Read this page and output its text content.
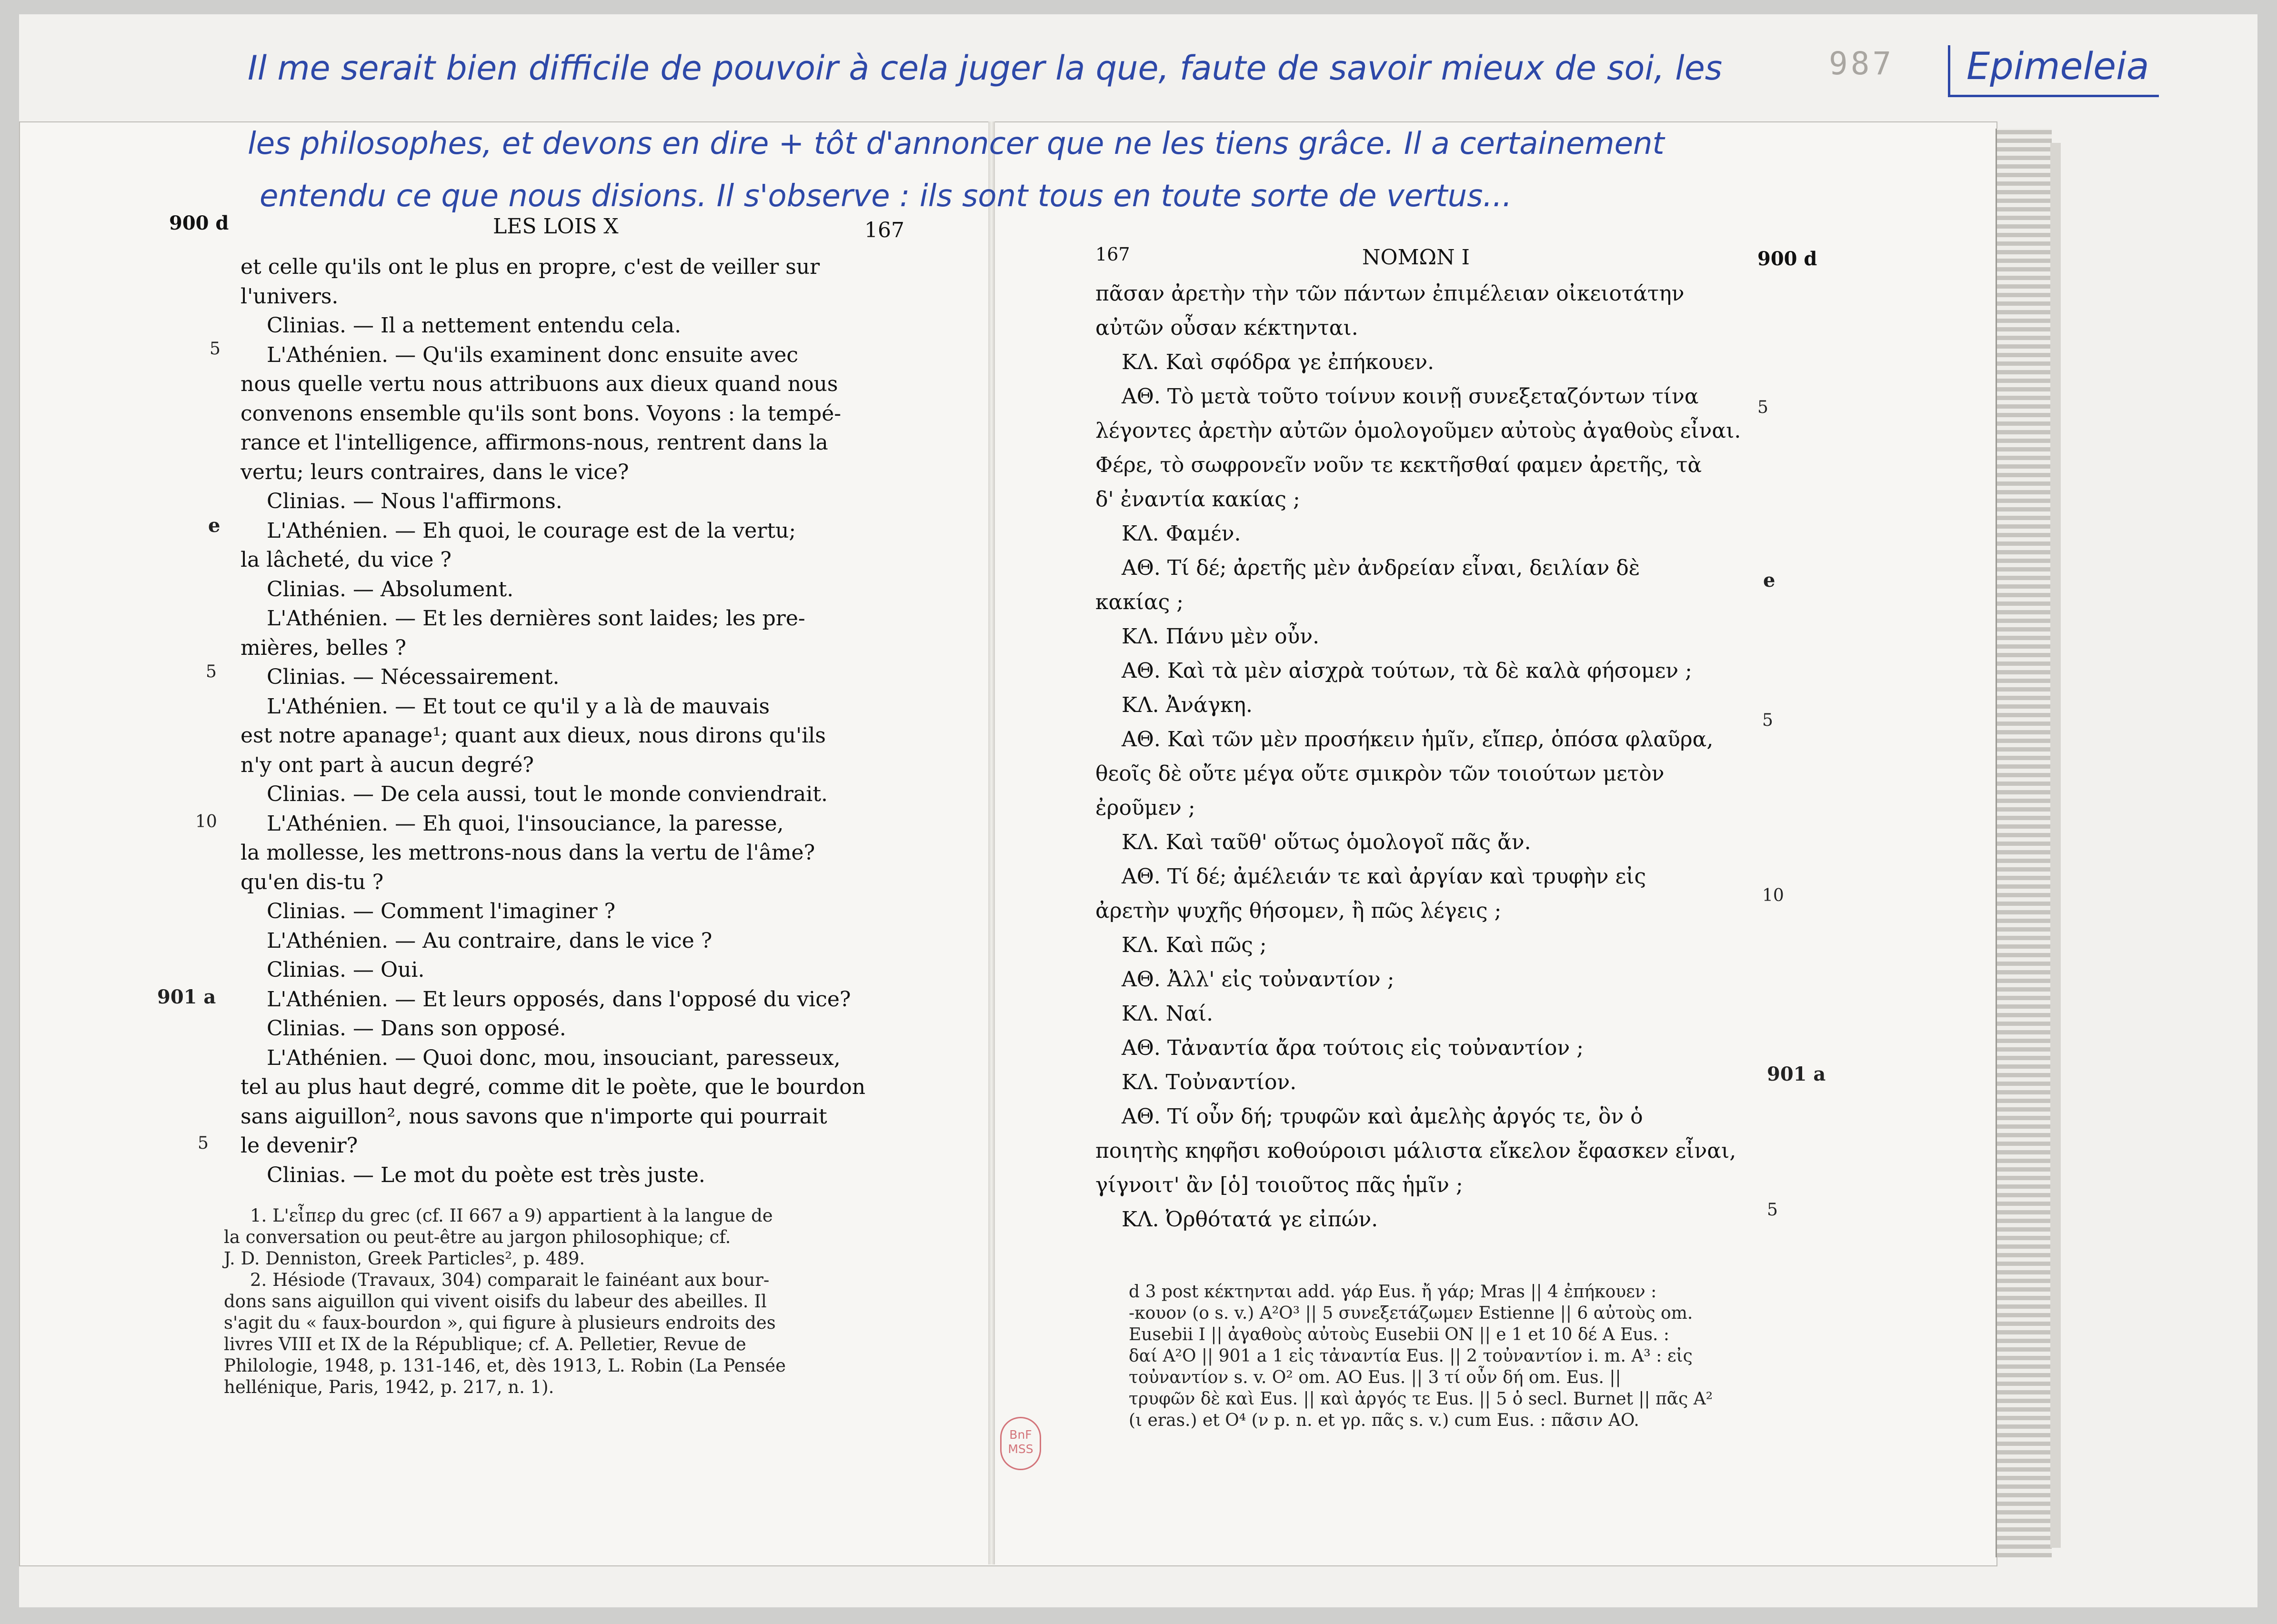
Il me serait bien difficile de pouvoir à cela juger la que, faute de savoir mieux de soi, les
les philosophes, et devons en dire + tôt d'annoncer que ne les tiens grâce. Il a certainement
entendu ce que nous disions. Il s'observe : ils sont tous en toute sorte de vertus...
987	Epimeleia
900 d	LES LOIS X	167

et celle qu'ils ont le plus en propre, c'est de veiller sur

l'univers.

Clinias. — Il a nettement entendu cela.

L'Athénien. — Qu'ils examinent donc ensuite avec

nous quelle vertu nous attribuons aux dieux quand nous

convenons ensemble qu'ils sont bons. Voyons : la tempé-

rance et l'intelligence, affirmons-nous, rentrent dans la

vertu; leurs contraires, dans le vice?

Clinias. — Nous l'affirmons.

L'Athénien. — Eh quoi, le courage est de la vertu;

la lâcheté, du vice ?

Clinias. — Absolument.

L'Athénien. — Et les dernières sont laides; les pre-

mières, belles ?

Clinias. — Nécessairement.

L'Athénien. — Et tout ce qu'il y a là de mauvais

est notre apanage¹; quant aux dieux, nous dirons qu'ils

n'y ont part à aucun degré?

Clinias. — De cela aussi, tout le monde conviendrait.

L'Athénien. — Eh quoi, l'insouciance, la paresse,

la mollesse, les mettrons-nous dans la vertu de l'âme?

qu'en dis-tu ?

Clinias. — Comment l'imaginer ?

L'Athénien. — Au contraire, dans le vice ?

Clinias. — Oui.

L'Athénien. — Et leurs opposés, dans l'opposé du vice?

Clinias. — Dans son opposé.

L'Athénien. — Quoi donc, mou, insouciant, paresseux,

tel au plus haut degré, comme dit le poète, que le bourdon

sans aiguillon², nous savons que n'importe qui pourrait

le devenir?

Clinias. — Le mot du poète est très juste.

5
e
5
10
901 a
5

1. L'εἶπερ du grec (cf. II 667 a 9) appartient à la langue de

la conversation ou peut-être au jargon philosophique; cf.

J. D. Denniston, Greek Particles², p. 489.

2. Hésiode (Travaux, 304) comparait le fainéant aux bour-

dons sans aiguillon qui vivent oisifs du labeur des abeilles. Il

s'agit du « faux-bourdon », qui figure à plusieurs endroits des

livres VIII et IX de la République; cf. A. Pelletier, Revue de

Philologie, 1948, p. 131-146, et, dès 1913, L. Robin (La Pensée

hellénique, Paris, 1942, p. 217, n. 1).

167	ΝΟΜΩΝ Ι	900 d
πᾶσαν ἀρετὴν τὴν τῶν πάντων ἐπιμέλειαν οἰκειοτάτην
αὐτῶν οὖσαν κέκτηνται.
ΚΛ. Καὶ σφόδρα γε ἐπήκουεν.
ΑΘ. Τὸ μετὰ τοῦτο τοίνυν κοινῇ συνεξεταζόντων τίνα
λέγοντες ἀρετὴν αὐτῶν ὁμολογοῦμεν αὐτοὺς ἀγαθοὺς εἶναι.
Φέρε, τὸ σωφρονεῖν νοῦν τε κεκτῆσθαί φαμεν ἀρετῆς, τὰ
δ' ἐναντία κακίας ;
ΚΛ. Φαμέν.
ΑΘ. Τί δέ; ἀρετῆς μὲν ἀνδρείαν εἶναι, δειλίαν δὲ
κακίας ;
ΚΛ. Πάνυ μὲν οὖν.
ΑΘ. Καὶ τὰ μὲν αἰσχρὰ τούτων, τὰ δὲ καλὰ φήσομεν ;
ΚΛ. Ἀνάγκη.
ΑΘ. Καὶ τῶν μὲν προσήκειν ἡμῖν, εἴπερ, ὁπόσα φλαῦρα,
θεοῖς δὲ οὔτε μέγα οὔτε σμικρὸν τῶν τοιούτων μετὸν
ἐροῦμεν ;
ΚΛ. Καὶ ταῦθ' οὕτως ὁμολογοῖ πᾶς ἄν.
ΑΘ. Τί δέ; ἀμέλειάν τε καὶ ἀργίαν καὶ τρυφὴν εἰς
ἀρετὴν ψυχῆς θήσομεν, ἢ πῶς λέγεις ;
ΚΛ. Καὶ πῶς ;
ΑΘ. Ἀλλ' εἰς τοὐναντίον ;
ΚΛ. Ναί.
ΑΘ. Τἀναντία ἄρα τούτοις εἰς τοὐναντίον ;
ΚΛ. Τοὐναντίον.
ΑΘ. Τί οὖν δή; τρυφῶν καὶ ἀμελὴς ἀργός τε, ὃν ὁ
ποιητὴς κηφῆσι κοθούροισι μάλιστα εἴκελον ἔφασκεν εἶναι,
γίγνοιτ' ἂν [ὁ] τοιοῦτος πᾶς ἡμῖν ;
ΚΛ. Ὀρθότατά γε εἰπών.
5
e
5
10
901 a
5

d 3 post κέκτηνται add. γάρ Eus. ἤ γάρ; Mras || 4 ἐπήκουεν :

-κουον (ο s. v.) A²O³ || 5 συνεξετάζωμεν Estienne || 6 αὐτοὺς om.

Eusebii I || ἀγαθοὺς αὐτοὺς Eusebii ON || e 1 et 10 δέ A Eus. :

δαί A²O || 901 a 1 εἰς τἀναντία Eus. || 2 τοὐναντίον i. m. A³ : εἰς

τοὐναντίον s. v. O² om. AO Eus. || 3 τί οὖν δή om. Eus. ||

τρυφῶν δὲ καὶ Eus. || καὶ ἀργός τε Eus. || 5 ὁ secl. Burnet || πᾶς A²

(ι eras.) et O⁴ (ν p. n. et γρ. πᾶς s. v.) cum Eus. : πᾶσιν AO.

BnF
MSS
